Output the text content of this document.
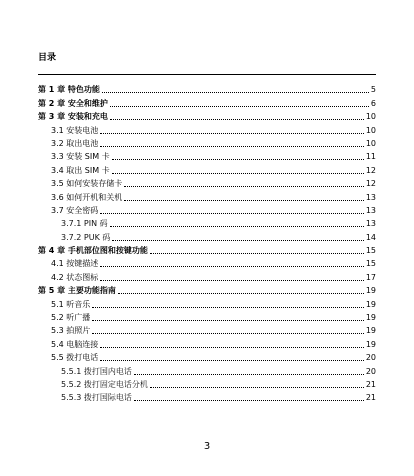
目录
第 1 章 特色功能	5
第 2 章 安全和维护	6
第 3 章 安装和充电	10
3.1 安装电池	10
3.2 取出电池	10
3.3 安装 SIM 卡	11
3.4 取出 SIM 卡	12
3.5 如何安装存储卡	12
3.6 如何开机和关机	13
3.7 安全密码	13
3.7.1 PIN 码	13
3.7.2 PUK 码	14
第 4 章 手机部位图和按键功能	15
4.1 按键描述	15
4.2 状态图标	17
第 5 章 主要功能指南	19
5.1 听音乐	19
5.2 听广播	19
5.3 拍照片	19
5.4 电脑连接	19
5.5 拨打电话	20
5.5.1 拨打国内电话	20
5.5.2 拨打固定电话分机	21
5.5.3 拨打国际电话	21
3
